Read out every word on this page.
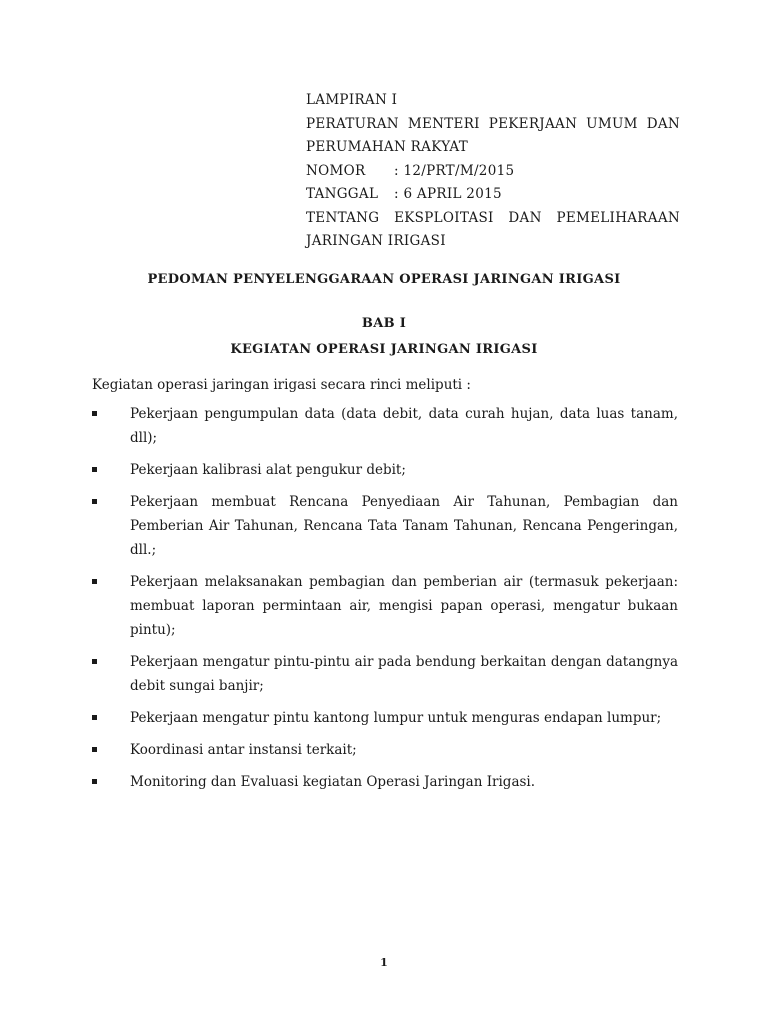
LAMPIRAN I
PERATURAN MENTERI PEKERJAAN UMUM DAN
PERUMAHAN RAKYAT
NOMOR : 12/PRT/M/2015
TANGGAL : 6 APRIL 2015
TENTANG EKSPLOITASI DAN PEMELIHARAAN
JARINGAN IRIGASI
PEDOMAN PENYELENGGARAAN OPERASI JARINGAN IRIGASI
BAB I
KEGIATAN OPERASI JARINGAN IRIGASI

Kegiatan operasi jaringan irigasi secara rinci meliputi :

Pekerjaan pengumpulan data (data debit, data curah hujan, data luas tanam, dll);
Pekerjaan kalibrasi alat pengukur debit;
Pekerjaan membuat Rencana Penyediaan Air Tahunan, Pembagian dan Pemberian Air Tahunan, Rencana Tata Tanam Tahunan, Rencana Pengeringan, dll.;
Pekerjaan melaksanakan pembagian dan pemberian air (termasuk pekerjaan: membuat laporan permintaan air, mengisi papan operasi, mengatur bukaan pintu);
Pekerjaan mengatur pintu-pintu air pada bendung berkaitan dengan datangnya debit sungai banjir;
Pekerjaan mengatur pintu kantong lumpur untuk menguras endapan lumpur;
Koordinasi antar instansi terkait;
Monitoring dan Evaluasi kegiatan Operasi Jaringan Irigasi.
1
